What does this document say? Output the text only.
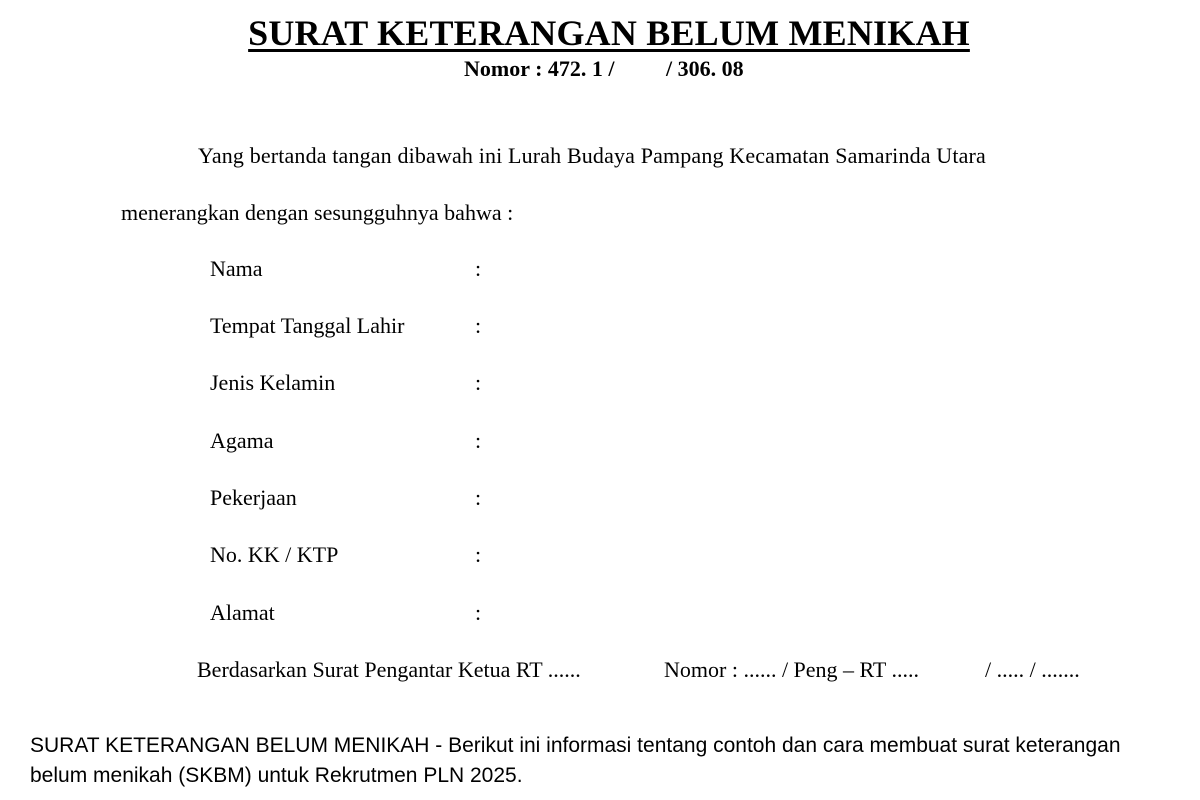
SURAT KETERANGAN BELUM MENIKAH
Nomor : 472. 1 / / 306. 08
Yang bertanda tangan dibawah ini Lurah Budaya Pampang Kecamatan Samarinda Utara
menerangkan dengan sesungguhnya bahwa :
Nama	:
Tempat Tanggal Lahir	:
Jenis Kelamin	:
Agama	:
Pekerjaan	:
No. KK / KTP	:
Alamat	:
Berdasarkan Surat Pengantar Ketua RT ......	Nomor : ...... / Peng – RT .....	/ ..... / .......
SURAT KETERANGAN BELUM MENIKAH - Berikut ini informasi tentang contoh dan cara membuat surat keterangan belum menikah (SKBM) untuk Rekrutmen PLN 2025.
